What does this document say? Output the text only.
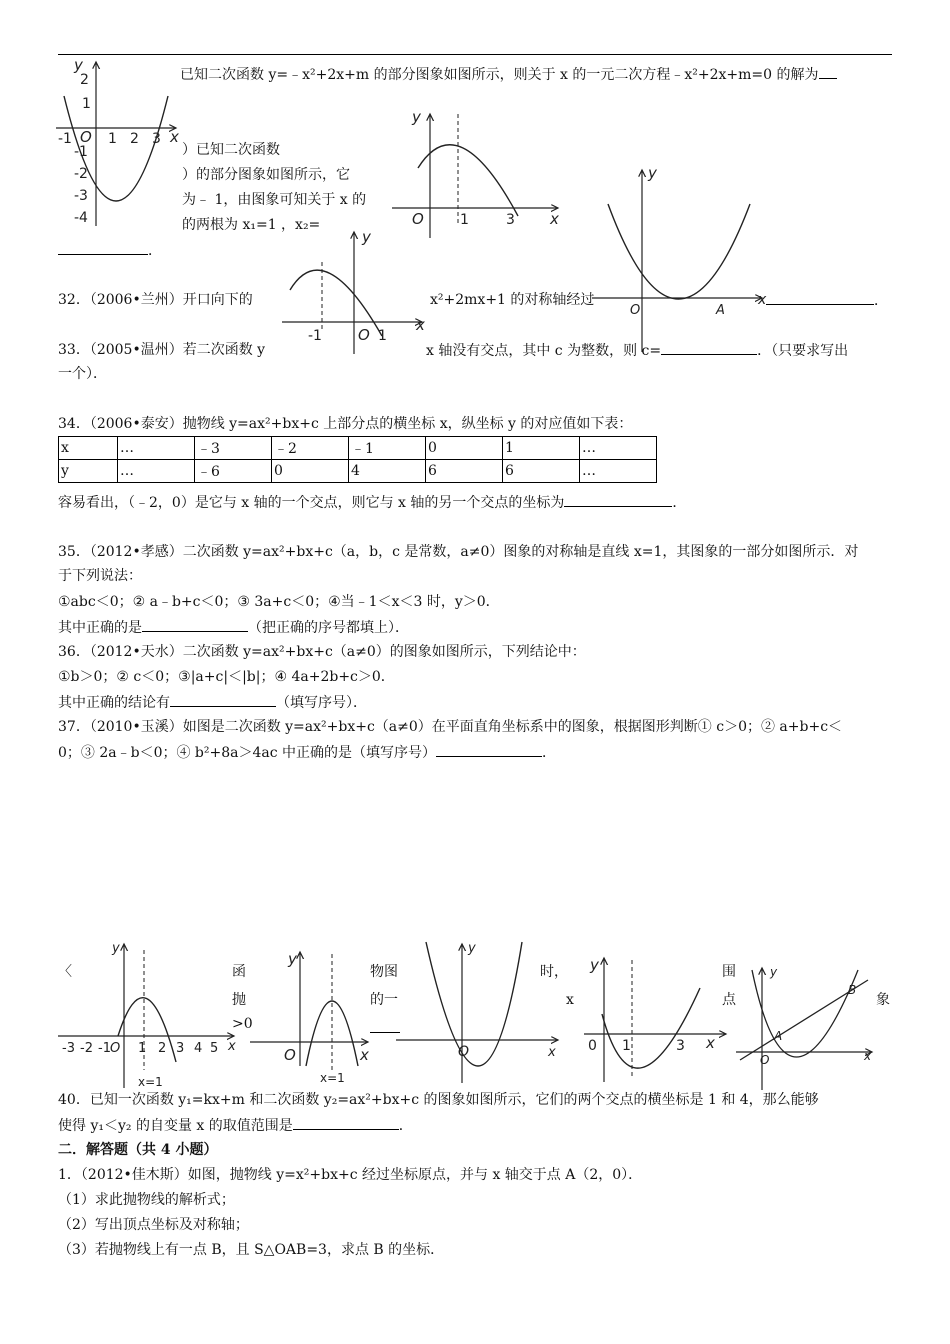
已知二次函数 y=﹣x²+2x+m 的部分图象如图所示，则关于 x 的一元二次方程﹣x²+2x+m=0 的解为
）已知二次函数
）的部分图象如图所示，它
为﹣ 1，由图象可知关于 x 的
的两根为 x₁=1 ，x₂=
．
32．（2006•兰州）开口向下的	x²+2mx+1 的对称轴经过	．
33．（2005•温州）若二次函数 y	x 轴没有交点，其中 c 为整数，则 c=	．（只要求写出
一个）．
34．（2006•泰安）抛物线 y=ax²+bx+c 上部分点的横坐标 x，纵坐标 y 的对应值如下表：
x	…	﹣3	﹣2	﹣1	0	1	…
y	…	﹣6	0	4	6	6	…
容易看出，（﹣2，0）是它与 x 轴的一个交点，则它与 x 轴的另一个交点的坐标为	．
35．（2012•孝感）二次函数 y=ax²+bx+c（a，b，c 是常数，a≠0）图象的对称轴是直线 x=1，其图象的一部分如图所示．对
于下列说法：
①abc＜0；② a﹣b+c＜0；③ 3a+c＜0；④当﹣1＜x＜3 时，y＞0．
其中正确的是	（把正确的序号都填上）．
36．（2012•天水）二次函数 y=ax²+bx+c（a≠0）的图象如图所示，下列结论中：
①b＞0；② c＜0；③|a+c|＜|b|；④ 4a+2b+c＞0．
其中正确的结论有	（填写序号）．
37．（2010•玉溪）如图是二次函数 y=ax²+bx+c（a≠0）在平面直角坐标系中的图象，根据图形判断① c＞0；② a+b+c＜
0；③ 2a﹣b＜0；④ b²+8a＞4ac 中正确的是（填写序号）	．
〈	函	物图	时，	围
象
的一	x	点
抛
>0
40．已知一次函数 y₁=kx+m 和二次函数 y₂=ax²+bx+c 的图象如图所示，它们的两个交点的横坐标是 1 和 4，那么能够
使得 y₁＜y₂ 的自变量 x 的取值范围是	．
二．解答题（共 4 小题）
1．（2012•佳木斯）如图，抛物线 y=x²+bx+c 经过坐标原点，并与 x 轴交于点 A（2，0）．
（1）求此抛物线的解析式；
（2）写出顶点坐标及对称轴；
（3）若抛物线上有一点 B，且 S△OAB=3，求点 B 的坐标．
y
x
O
-1	1 2 3
2
1
-1
-2
-3
-4
y
x
O	1	3
y
x
O
-1	1
y
x
O	A
y
x
O
-3 -2 -1 1 2 3 4 5
x=1
y
x
O
x=1
y
x
O
y
x
0 1	3
y
x
O
A
B
